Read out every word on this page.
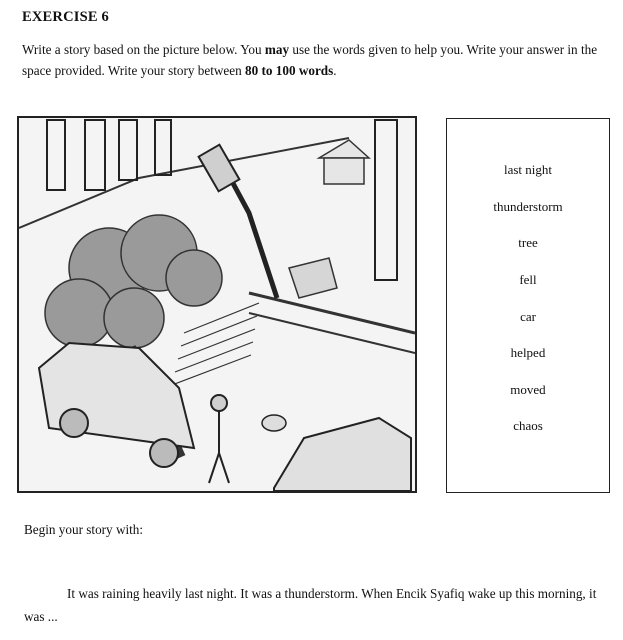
EXERCISE 6
Write a story based on the picture below. You may use the words given to help you. Write your answer in the space provided. Write your story between 80 to 100 words.
last night
thunderstorm
tree
fell
car
helped
moved
chaos
Begin your story with:
It was raining heavily last night. It was a thunderstorm. When Encik Syafiq wake up this morning, it was ...
